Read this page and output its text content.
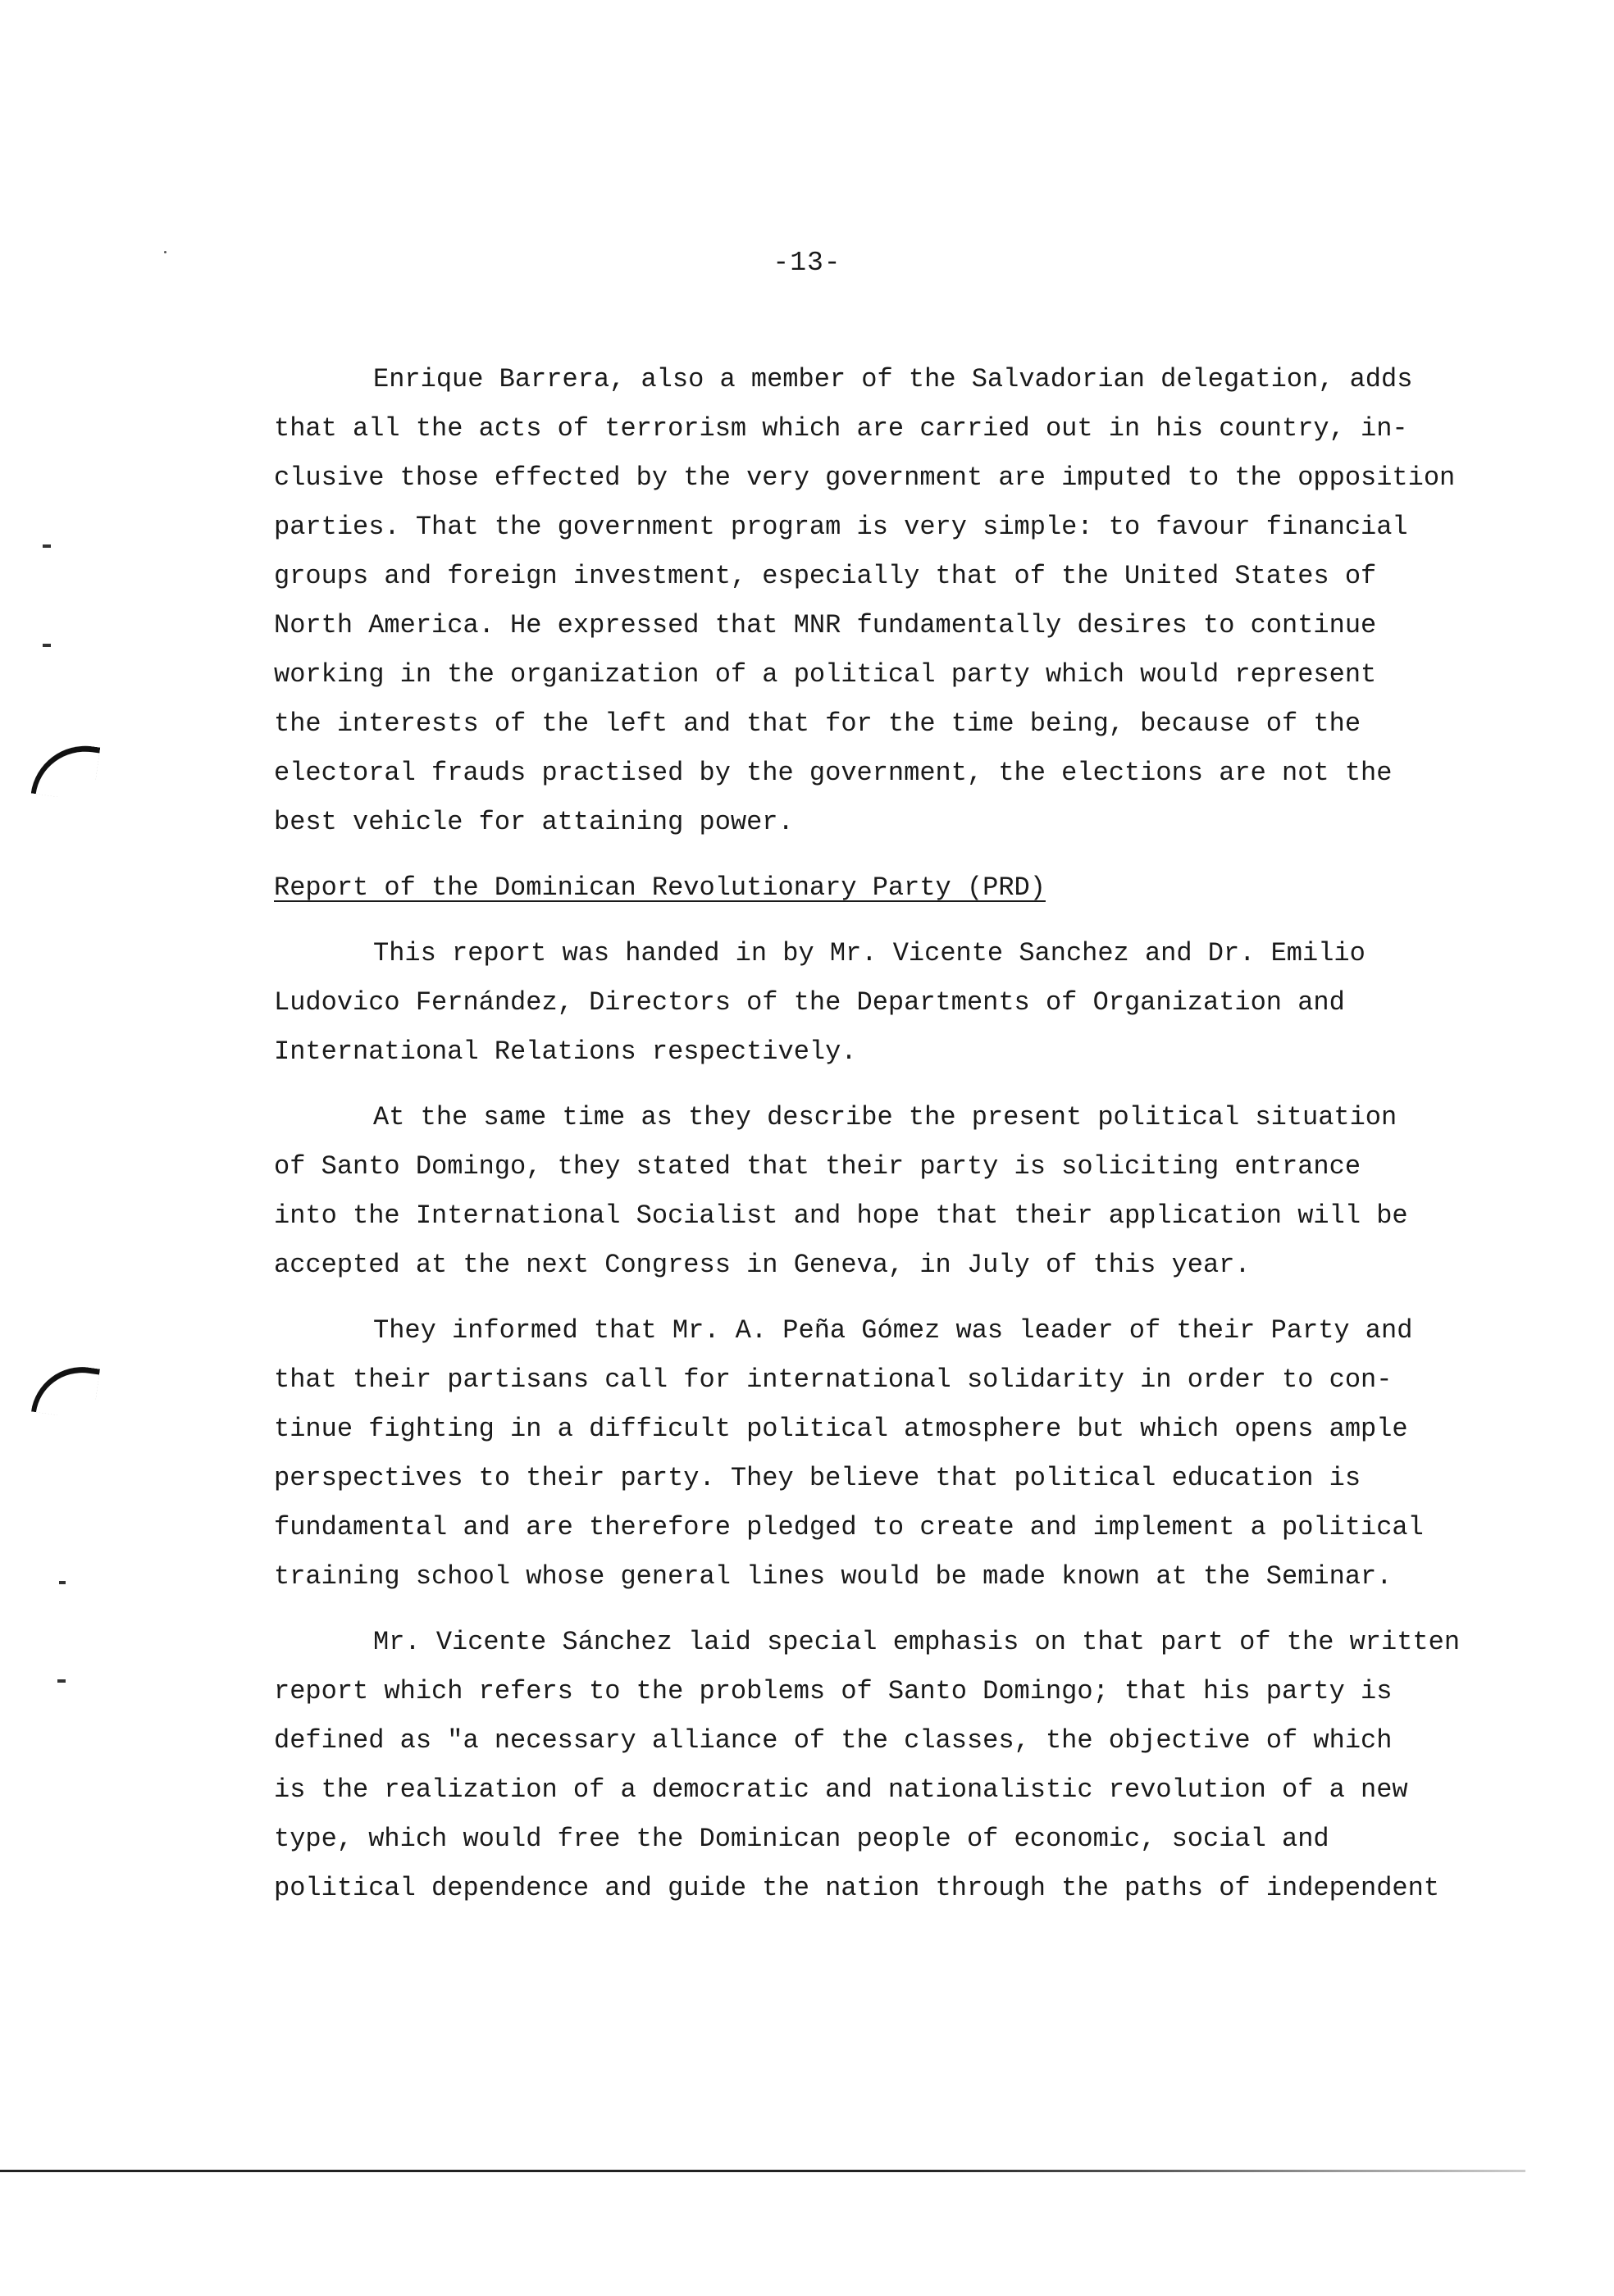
-13-
Enrique Barrera, also a member of the Salvadorian delegation, adds
that all the acts of terrorism which are carried out in his country, in-
clusive those effected by the very government are imputed to the opposition
parties. That the government program is very simple: to favour financial
groups and foreign investment, especially that of the United States of
North America. He expressed that MNR fundamentally desires to continue
working in the organization of a political party which would represent
the interests of the left and that for the time being, because of the
electoral frauds practised by the government, the elections are not the
best vehicle for attaining power.
Report of the Dominican Revolutionary Party (PRD)
This report was handed in by Mr. Vicente Sanchez and Dr. Emilio
Ludovico Fernández, Directors of the Departments of Organization and
International Relations respectively.
At the same time as they describe the present political situation
of Santo Domingo, they stated that their party is soliciting entrance
into the International Socialist and hope that their application will be
accepted at the next Congress in Geneva, in July of this year.
They informed that Mr. A. Peña Gómez was leader of their Party and
that their partisans call for international solidarity in order to con-
tinue fighting in a difficult political atmosphere but which opens ample
perspectives to their party. They believe that political education is
fundamental and are therefore pledged to create and implement a political
training school whose general lines would be made known at the Seminar.
Mr. Vicente Sánchez laid special emphasis on that part of the written
report which refers to the problems of Santo Domingo; that his party is
defined as "a necessary alliance of the classes, the objective of which
is the realization of a democratic and nationalistic revolution of a new
type, which would free the Dominican people of economic, social and
political dependence and guide the nation through the paths of independent
